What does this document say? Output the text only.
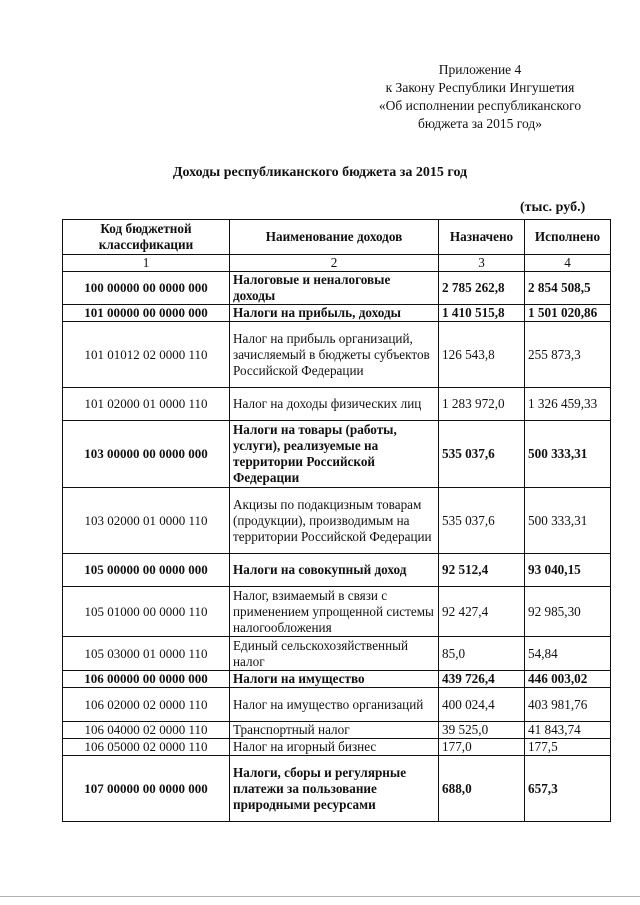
Приложение 4
к Закону Республики Ингушетия
«Об исполнении республиканского
бюджета за 2015 год»
Доходы республиканского бюджета за 2015 год
(тыс. руб.)
Код бюджетной классификации	Наименование доходов	Назначено	Исполнено
1	2	3	4
100 00000 00 0000 000	Налоговые и неналоговые доходы	2 785 262,8	2 854 508,5
101 00000 00 0000 000	Налоги на прибыль, доходы	1 410 515,8	1 501 020,86
101 01012 02 0000 110	Налог на прибыль организаций, зачисляемый в бюджеты субъектов Российской Федерации	126 543,8	255 873,3
101 02000 01 0000 110	Налог на доходы физических лиц	1 283 972,0	1 326 459,33
103 00000 00 0000 000	Налоги на товары (работы, услуги), реализуемые на территории Российской Федерации	535 037,6	500 333,31
103 02000 01 0000 110	Акцизы по подакцизным товарам (продукции), производимым на территории Российской Федерации	535 037,6	500 333,31
105 00000 00 0000 000	Налоги на совокупный доход	92 512,4	93 040,15
105 01000 00 0000 110	Налог, взимаемый в связи с применением упрощенной системы налогообложения	92 427,4	92 985,30
105 03000 01 0000 110	Единый сельскохозяйственный налог	85,0	54,84
106 00000 00 0000 000	Налоги на имущество	439 726,4	446 003,02
106 02000 02 0000 110	Налог на имущество организаций	400 024,4	403 981,76
106 04000 02 0000 110	Транспортный налог	39 525,0	41 843,74
106 05000 02 0000 110	Налог на игорный бизнес	177,0	177,5
107 00000 00 0000 000	Налоги, сборы и регулярные платежи за пользование природными ресурсами	688,0	657,3
